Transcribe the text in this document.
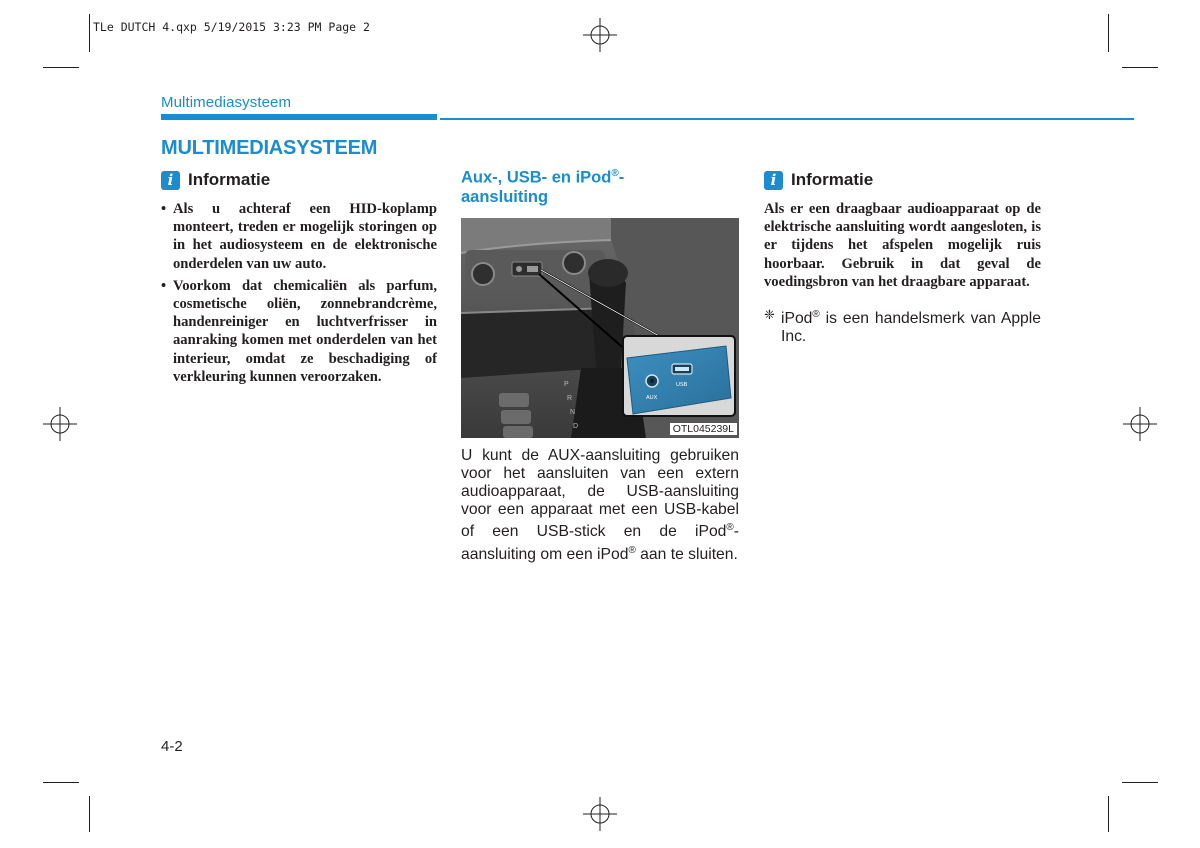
TLe DUTCH 4.qxp 5/19/2015 3:23 PM Page 2
Multimediasysteem
MULTIMEDIASYSTEEM
i Informatie
• Als u achteraf een HID-koplamp monteert, treden er mogelijk storingen op in het audiosysteem en de elektronische onderdelen van uw auto.
• Voorkom dat chemicaliën als parfum, cosmetische oliën, zonnebrandcrème, handenreiniger en luchtverfrisser in aanraking komen met onderdelen van het interieur, omdat ze beschadiging of verkleuring kunnen veroorzaken.
Aux-, USB- en iPod®-
aansluiting
P
R
N
D
AUX
USB
OTL045239L
U kunt de AUX-aansluiting gebruiken voor het aansluiten van een extern audioapparaat, de USB-aansluiting voor een apparaat met een USB-kabel of een USB-stick en de iPod®-aansluiting om een iPod® aan te sluiten.
i Informatie
Als er een draagbaar audioapparaat op de elektrische aansluiting wordt aangesloten, is er tijdens het afspelen mogelijk ruis hoorbaar. Gebruik in dat geval de voedingsbron van het draagbare apparaat.
❈ iPod® is een handelsmerk van Apple Inc.
4-2
